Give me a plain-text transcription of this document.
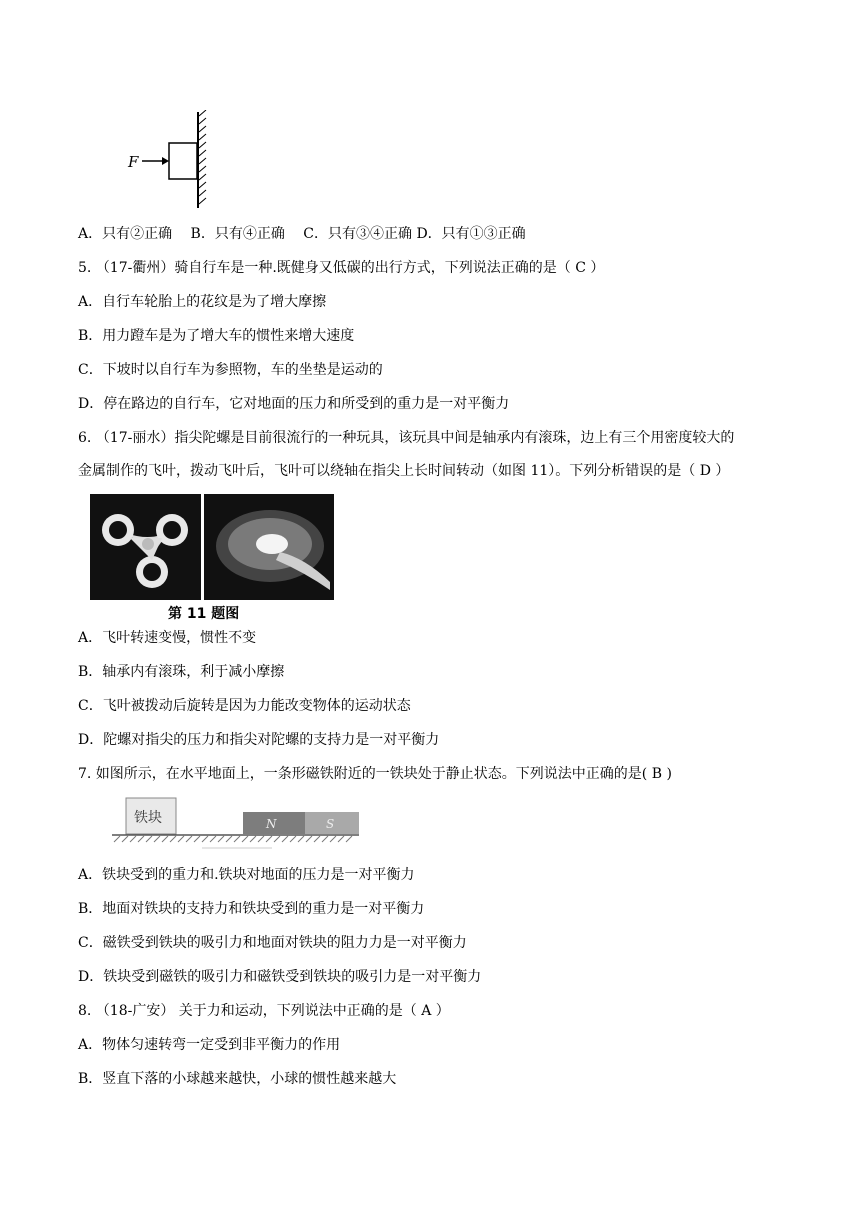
F
A．只有②正确　 B．只有④正确　 C．只有③④正确 D．只有①③正确
5. （17-衢州）骑自行车是一种.既健身又低碳的出行方式，下列说法正确的是（ C ）
A．自行车轮胎上的花纹是为了增大摩擦
B．用力蹬车是为了增大车的惯性来增大速度
C．下坡时以自行车为参照物，车的坐垫是运动的
D．停在路边的自行车，它对地面的压力和所受到的重力是一对平衡力
6. （17-丽水）指尖陀螺是目前很流行的一种玩具，该玩具中间是轴承内有滚珠，边上有三个用密度较大的
金属制作的飞叶，拨动飞叶后，飞叶可以绕轴在指尖上长时间转动（如图 11）。下列分析错误的是（ D ）
第 11 题图
A．飞叶转速变慢，惯性不变
B．轴承内有滚珠，利于减小摩擦
C．飞叶被拨动后旋转是因为力能改变物体的运动状态
D．陀螺对指尖的压力和指尖对陀螺的支持力是一对平衡力
7. 如图所示，在水平地面上，一条形磁铁附近的一铁块处于静止状态。下列说法中正确的是( B )
铁块	N	S
A．铁块受到的重力和.铁块对地面的压力是一对平衡力
B．地面对铁块的支持力和铁块受到的重力是一对平衡力
C．磁铁受到铁块的吸引力和地面对铁块的阻力力是一对平衡力
D．铁块受到磁铁的吸引力和磁铁受到铁块的吸引力是一对平衡力
8. （18-广安） 关于力和运动，下列说法中正确的是（ A ）
A．物体匀速转弯一定受到非平衡力的作用
B．竖直下落的小球越来越快，小球的惯性越来越大
